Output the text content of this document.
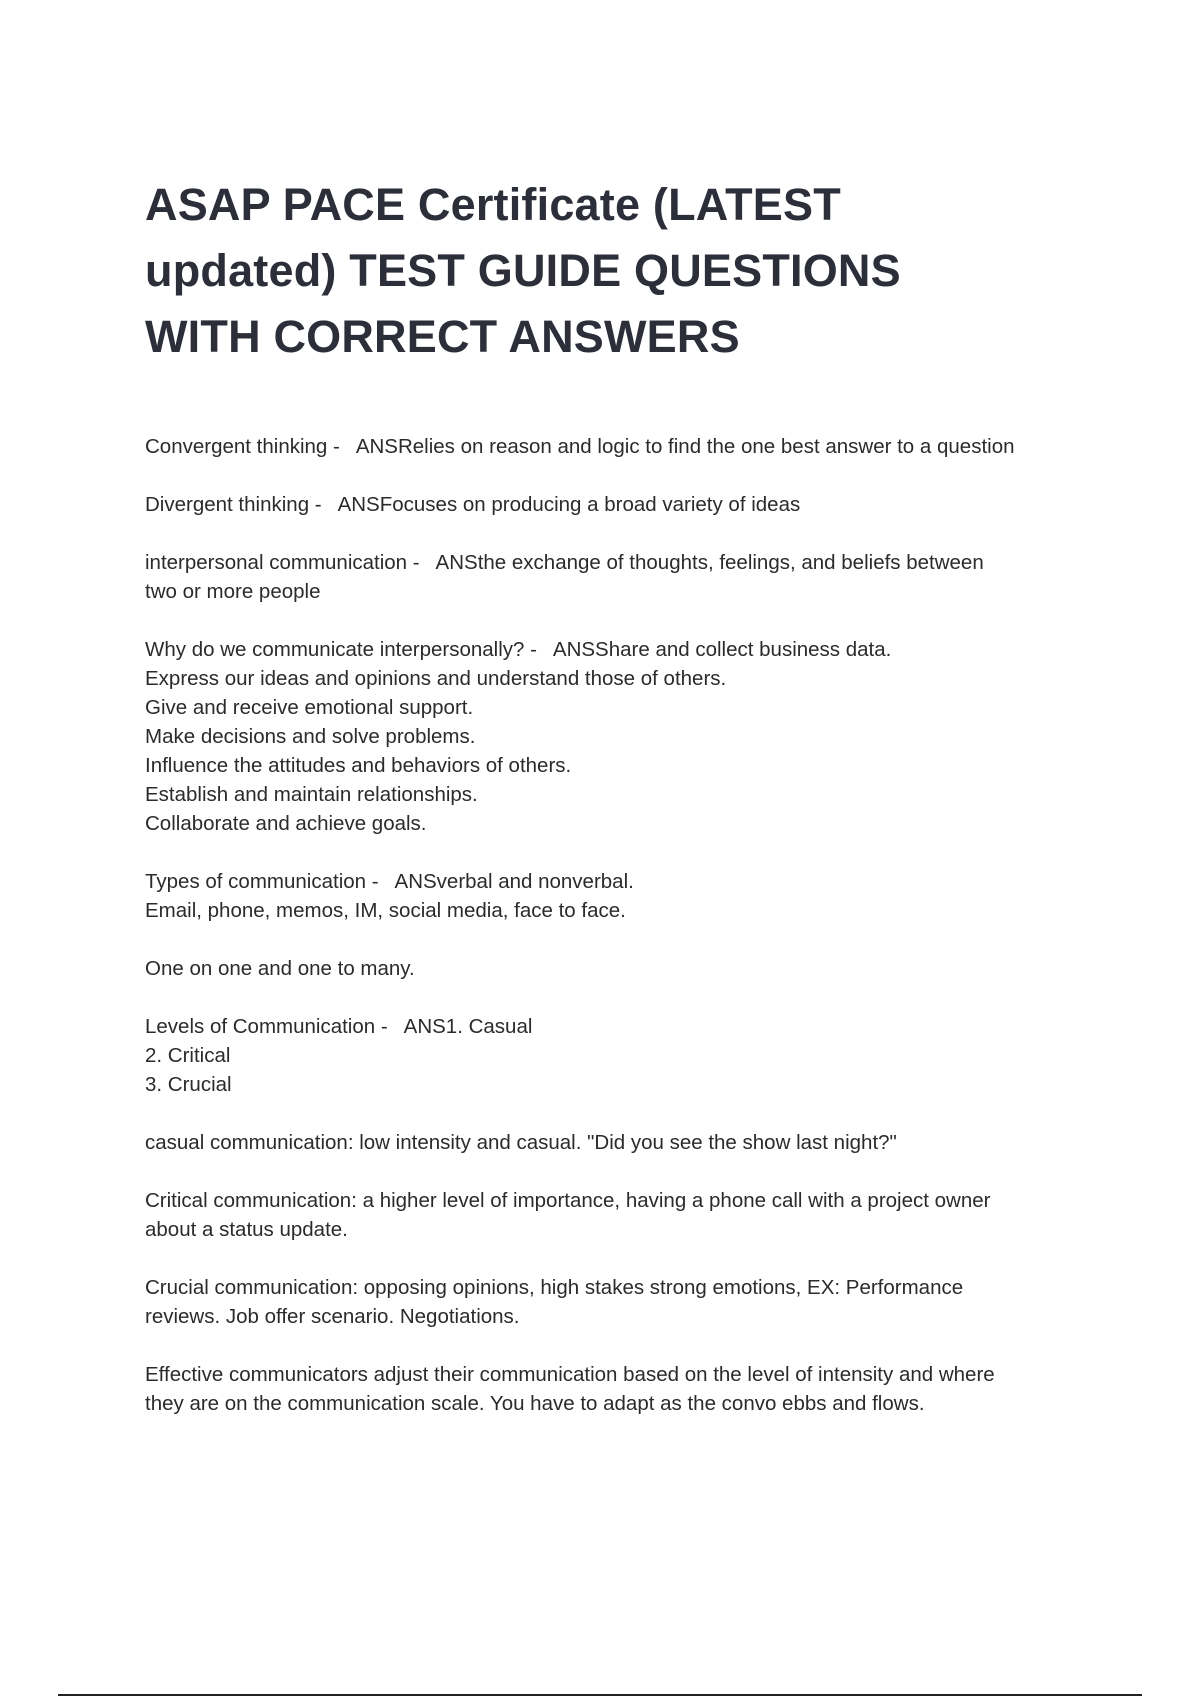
ASAP PACE Certificate (LATEST
updated) TEST GUIDE QUESTIONS
WITH CORRECT ANSWERS
Convergent thinking -   ANSRelies on reason and logic to find the one best answer to a question
Divergent thinking -   ANSFocuses on producing a broad variety of ideas
interpersonal communication -   ANSthe exchange of thoughts, feelings, and beliefs between
two or more people
Why do we communicate interpersonally? -   ANSShare and collect business data.
Express our ideas and opinions and understand those of others.
Give and receive emotional support.
Make decisions and solve problems.
Influence the attitudes and behaviors of others.
Establish and maintain relationships.
Collaborate and achieve goals.
Types of communication -   ANSverbal and nonverbal.
Email, phone, memos, IM, social media, face to face.
One on one and one to many.
Levels of Communication -   ANS1. Casual
2. Critical
3. Crucial
casual communication: low intensity and casual. "Did you see the show last night?"
Critical communication: a higher level of importance, having a phone call with a project owner
about a status update.
Crucial communication: opposing opinions, high stakes strong emotions, EX: Performance
reviews. Job offer scenario. Negotiations.
Effective communicators adjust their communication based on the level of intensity and where
they are on the communication scale. You have to adapt as the convo ebbs and flows.
